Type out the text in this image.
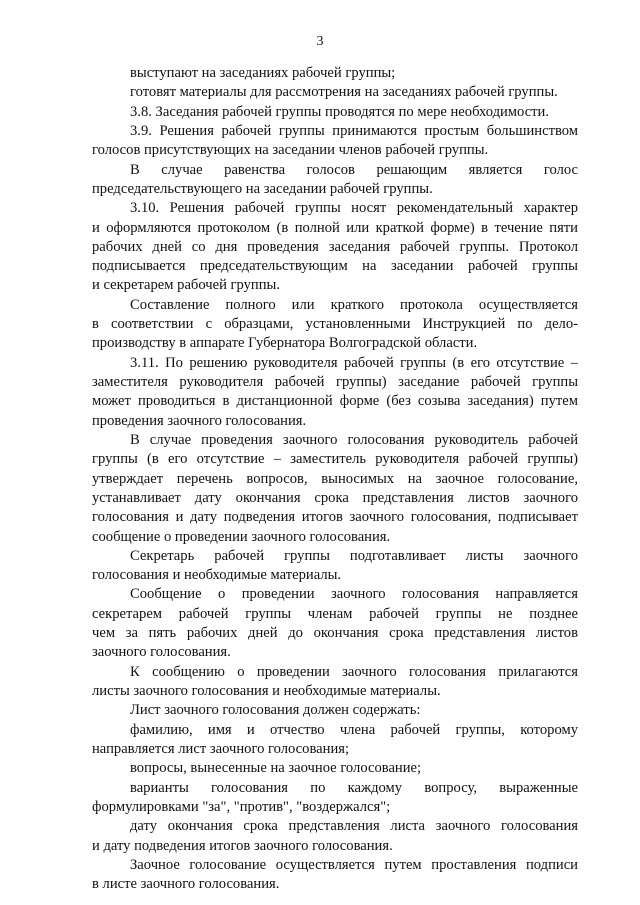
3
выступают на заседаниях рабочей группы;
готовят материалы для рассмотрения на заседаниях рабочей группы.
3.8. Заседания рабочей группы проводятся по мере необходимости.
3.9. Решения рабочей группы принимаются простым большинством
голосов присутствующих на заседании членов рабочей группы.
В случае равенства голосов решающим является голос
председательствующего на заседании рабочей группы.
3.10. Решения рабочей группы носят рекомендательный характер
и оформляются протоколом (в полной или краткой форме) в течение пяти
рабочих дней со дня проведения заседания рабочей группы. Протокол
подписывается председательствующим на заседании рабочей группы
и секретарем рабочей группы.
Составление полного или краткого протокола осуществляется
в соответствии с образцами, установленными Инструкцией по дело-
производству в аппарате Губернатора Волгоградской области.
3.11. По решению руководителя рабочей группы (в его отсутствие –
заместителя руководителя рабочей группы) заседание рабочей группы
может проводиться в дистанционной форме (без созыва заседания) путем
проведения заочного голосования.
В случае проведения заочного голосования руководитель рабочей
группы (в его отсутствие – заместитель руководителя рабочей группы)
утверждает перечень вопросов, выносимых на заочное голосование,
устанавливает дату окончания срока представления листов заочного
голосования и дату подведения итогов заочного голосования, подписывает
сообщение о проведении заочного голосования.
Секретарь рабочей группы подготавливает листы заочного
голосования и необходимые материалы.
Сообщение о проведении заочного голосования направляется
секретарем рабочей группы членам рабочей группы не позднее
чем за пять рабочих дней до окончания срока представления листов
заочного голосования.
К сообщению о проведении заочного голосования прилагаются
листы заочного голосования и необходимые материалы.
Лист заочного голосования должен содержать:
фамилию, имя и отчество члена рабочей группы, которому
направляется лист заочного голосования;
вопросы, вынесенные на заочное голосование;
варианты голосования по каждому вопросу, выраженные
формулировками "за", "против", "воздержался";
дату окончания срока представления листа заочного голосования
и дату подведения итогов заочного голосования.
Заочное голосование осуществляется путем проставления подписи
в листе заочного голосования.
